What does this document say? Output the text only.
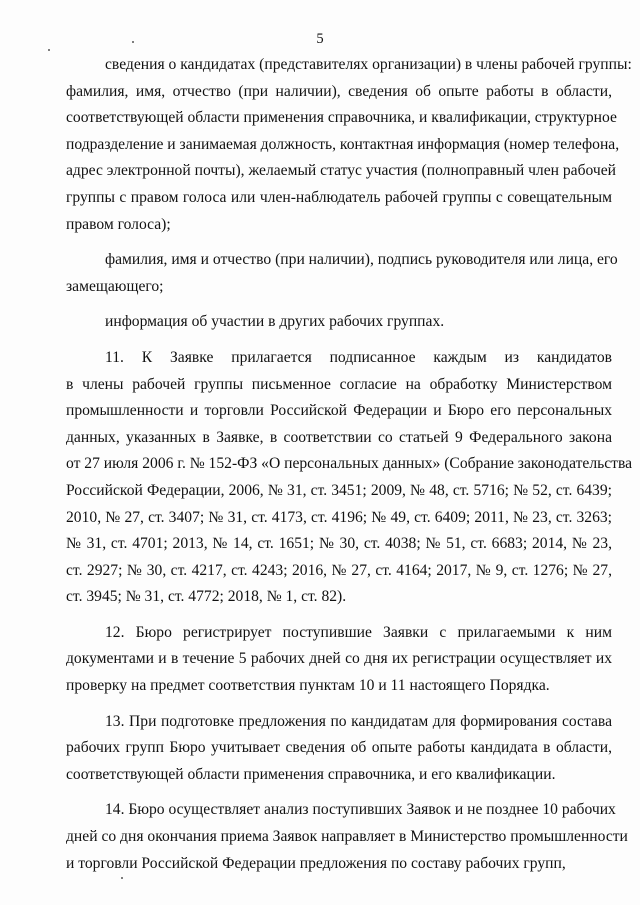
5
сведения о кандидатах (представителях организации) в члены рабочей группы:
фамилия, имя, отчество (при наличии), сведения об опыте работы в области,
соответствующей области применения справочника, и квалификации, структурное
подразделение и занимаемая должность, контактная информация (номер телефона,
адрес электронной почты), желаемый статус участия (полноправный член рабочей
группы с правом голоса или член-наблюдатель рабочей группы с совещательным
правом голоса);
фамилия, имя и отчество (при наличии), подпись руководителя или лица, его
замещающего;
информация об участии в других рабочих группах.
11. К Заявке прилагается подписанное каждым из кандидатов
в члены рабочей группы письменное согласие на обработку Министерством
промышленности и торговли Российской Федерации и Бюро его персональных
данных, указанных в Заявке, в соответствии со статьей 9 Федерального закона
от 27 июля 2006 г. № 152-ФЗ «О персональных данных» (Собрание законодательства
Российской Федерации, 2006, № 31, ст. 3451; 2009, № 48, ст. 5716; № 52, ст. 6439;
2010, № 27, ст. 3407; № 31, ст. 4173, ст. 4196; № 49, ст. 6409; 2011, № 23, ст. 3263;
№ 31, ст. 4701; 2013, № 14, ст. 1651; № 30, ст. 4038; № 51, ст. 6683; 2014, № 23,
ст. 2927; № 30, ст. 4217, ст. 4243; 2016, № 27, ст. 4164; 2017, № 9, ст. 1276; № 27,
ст. 3945; № 31, ст. 4772; 2018, № 1, ст. 82).
12. Бюро регистрирует поступившие Заявки с прилагаемыми к ним
документами и в течение 5 рабочих дней со дня их регистрации осуществляет их
проверку на предмет соответствия пунктам 10 и 11 настоящего Порядка.
13. При подготовке предложения по кандидатам для формирования состава
рабочих групп Бюро учитывает сведения об опыте работы кандидата в области,
соответствующей области применения справочника, и его квалификации.
14. Бюро осуществляет анализ поступивших Заявок и не позднее 10 рабочих
дней со дня окончания приема Заявок направляет в Министерство промышленности
и торговли Российской Федерации предложения по составу рабочих групп,
